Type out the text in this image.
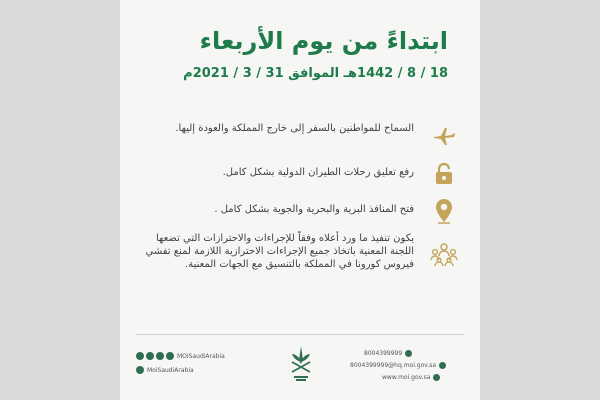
ابتداءً من يوم الأربعاء
18 / 8 / 1442هـ الموافق 31 / 3 / 2021م
السماح للمواطنين بالسفر إلى خارج المملكة والعودة إليها.
رفع تعليق رحلات الطيران الدولية بشكل كامل.
فتح المنافذ البرية والبحرية والجوية بشكل كامل .
يكون تنفيذ ما ورد أعلاه وفقاً للإجراءات والاحترازات التي تضعها اللجنة المعنية باتخاذ جميع الإجراءات الاحترازية اللازمة لمنع تفشي فيروس كورونا في المملكة بالتنسيق مع الجهات المعنية.
MOISaudiArabia
MoiSaudiArabia
8004399999
8004399999@hq.moi.gov.sa
www.moi.gov.sa
